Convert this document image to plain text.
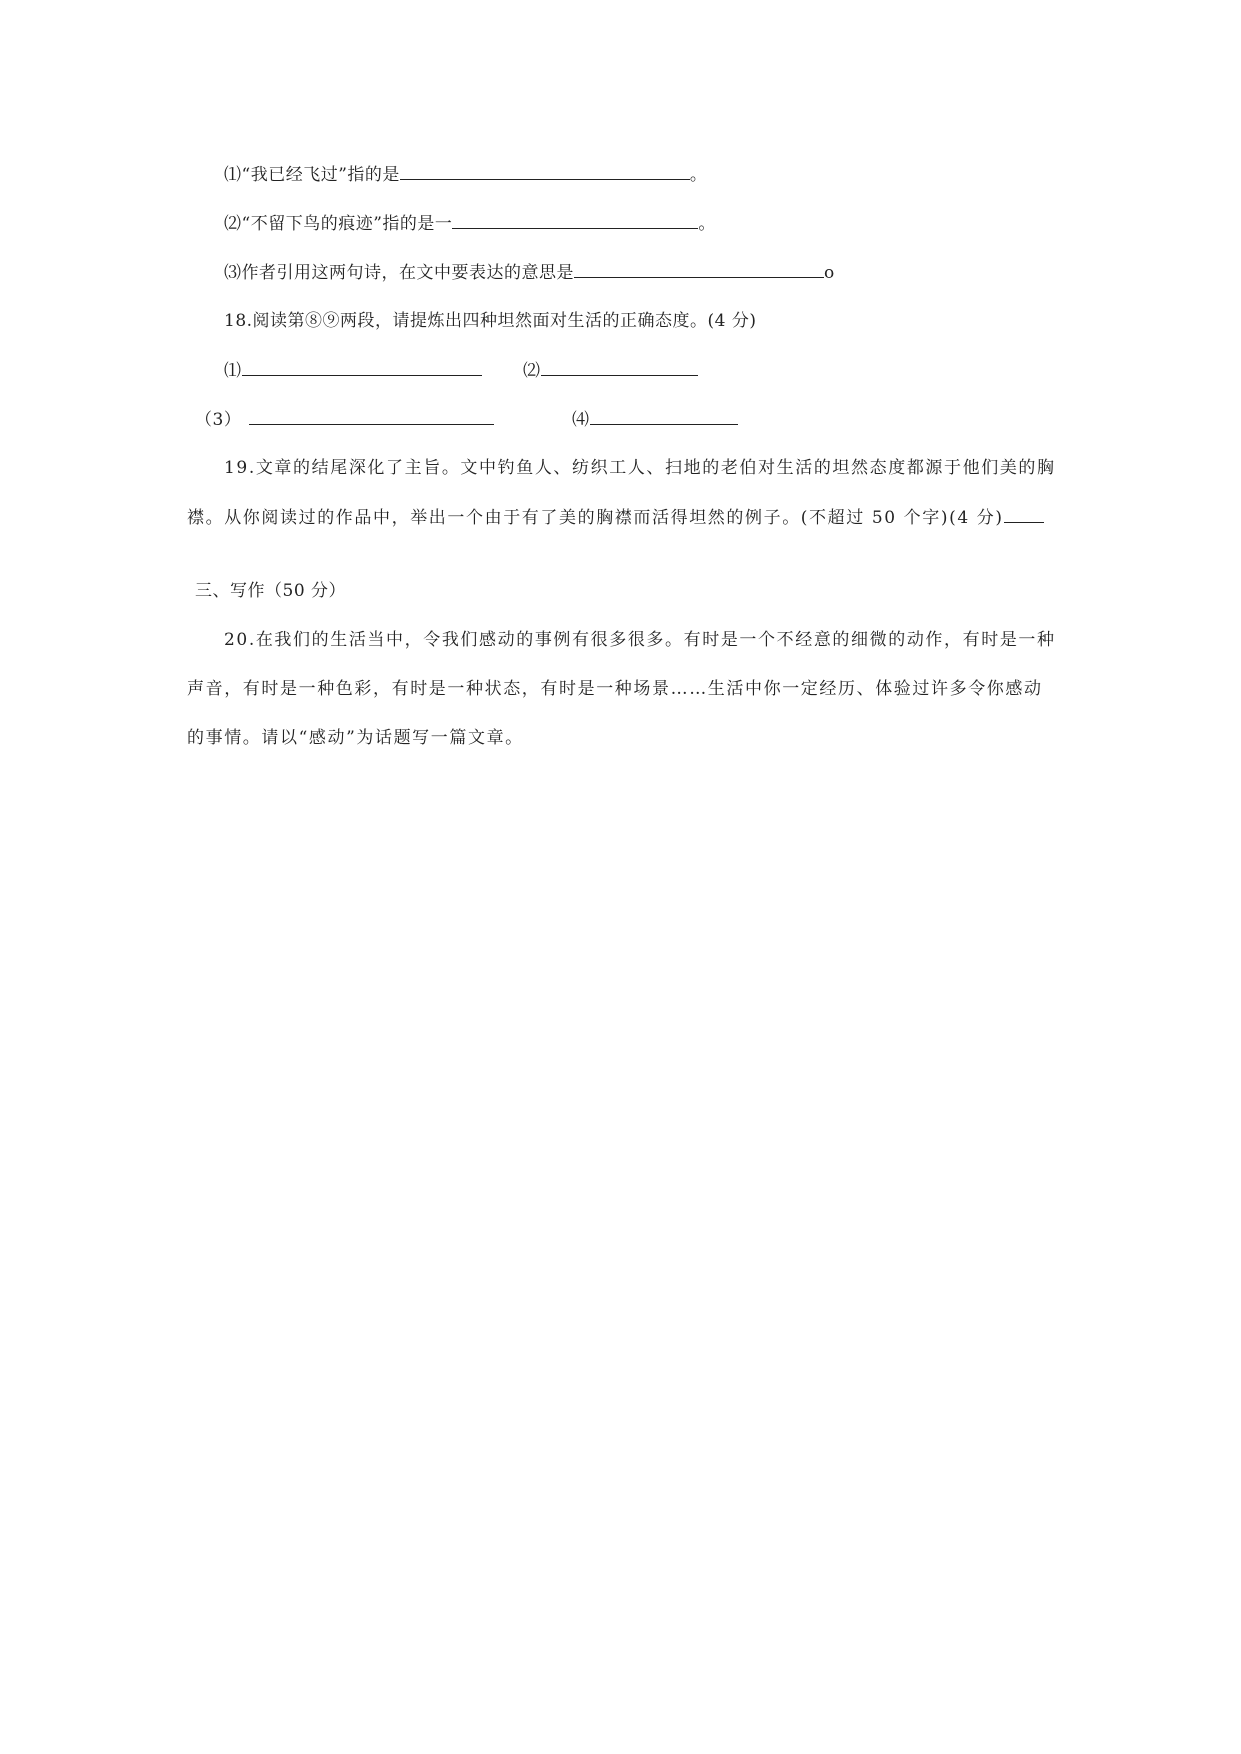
⑴“我已经飞过”指的是	。
⑵“不留下鸟的痕迹”指的是一	。
⑶作者引用这两句诗，在文中要表达的意思是	o
18.阅读第⑧⑨两段，请提炼出四种坦然面对生活的正确态度。(4 分)
⑴	⑵
（3）	⑷
19.文章的结尾深化了主旨。文中钓鱼人、纺织工人、扫地的老伯对生活的坦然态度都源于他们美的胸
襟。从你阅读过的作品中，举出一个由于有了美的胸襟而活得坦然的例子。(不超过 50 个字)(4 分)
三、写作（50 分）
20.在我们的生活当中，令我们感动的事例有很多很多。有时是一个不经意的细微的动作，有时是一种
声音，有时是一种色彩，有时是一种状态，有时是一种场景……生活中你一定经历、体验过许多令你感动
的事情。请以“感动”为话题写一篇文章。
